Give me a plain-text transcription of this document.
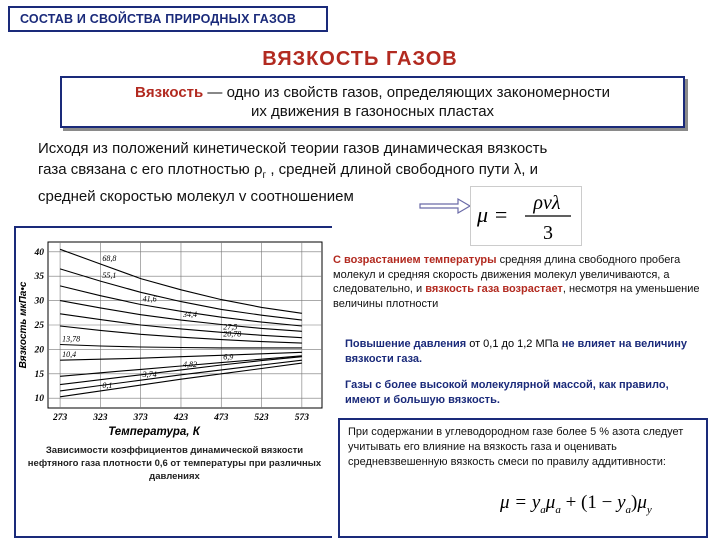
СОСТАВ И СВОЙСТВА ПРИРОДНЫХ ГАЗОВ
ВЯЗКОСТЬ ГАЗОВ
Вязкость — одно из свойств газов, определяющих закономерности
их движения в газоносных пластах
Исходя из положений кинетической теории газов динамическая вязкость
газа связана с его плотностью $\rho_г$ , средней длиной свободного пути λ, и
средней скоростью молекул v соотношением
μ = ρvλ
3
273	323	373	423	473	523	573
10
15
20
25
30
35
40
Температура, К
Вязкость мкПа•с
68,8
55,1
41,6
34,4
27,5
20,78
13,78
10,4	6,9
4,82
3,74
0,1
Зависимости коэффициентов динамической вязкости нефтяного газа плотности 0,6 от температуры при различных давлениях
С возрастанием температуры средняя длина свободного пробега молекул и средняя скорость движения молекул увеличиваются, а следовательно, и вязкость газа возрастает, несмотря на уменьшение величины плотности
Повышение давления от 0,1 до 1,2 МПа не влияет на величину вязкости газа.
Газы с более высокой молекулярной массой, как правило, имеют и большую вязкость.
При содержании в углеводородном газе более 5 % азота следует учитывать его влияние на вязкость газа и оценивать средневзвешенную вязкость смеси по правилу аддитивности:
$\mu = y_a\mu_a + (1 - y_a)\mu_y$
